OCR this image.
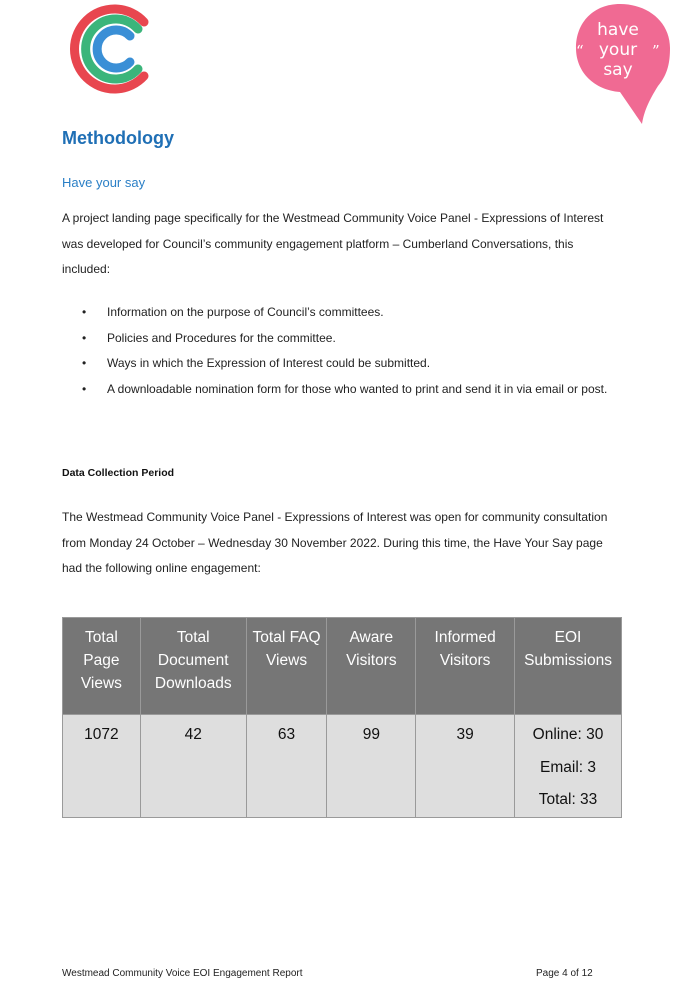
“	”
have
your
say
Methodology
Have your say

A project landing page specifically for the Westmead Community Voice Panel - Expressions of Interest was developed for Council’s community engagement platform – Cumberland Conversations, this included:

• Information on the purpose of Council’s committees.
• Policies and Procedures for the committee.
• Ways in which the Expression of Interest could be submitted.
• A downloadable nomination form for those who wanted to print and send it in via email or post.
Data Collection Period

The Westmead Community Voice Panel - Expressions of Interest was open for community consultation from Monday 24 October – Wednesday 30 November 2022. During this time, the Have Your Say page had the following online engagement:

Total Page
Views	Total
Document
Downloads	Total FAQ
Views	Aware
Visitors	Informed
Visitors	EOI
Submissions

1072	42	63	99	39	Online: 30
Email: 3
Total: 33
Westmead Community Voice EOI Engagement Report	Page 4 of 12
